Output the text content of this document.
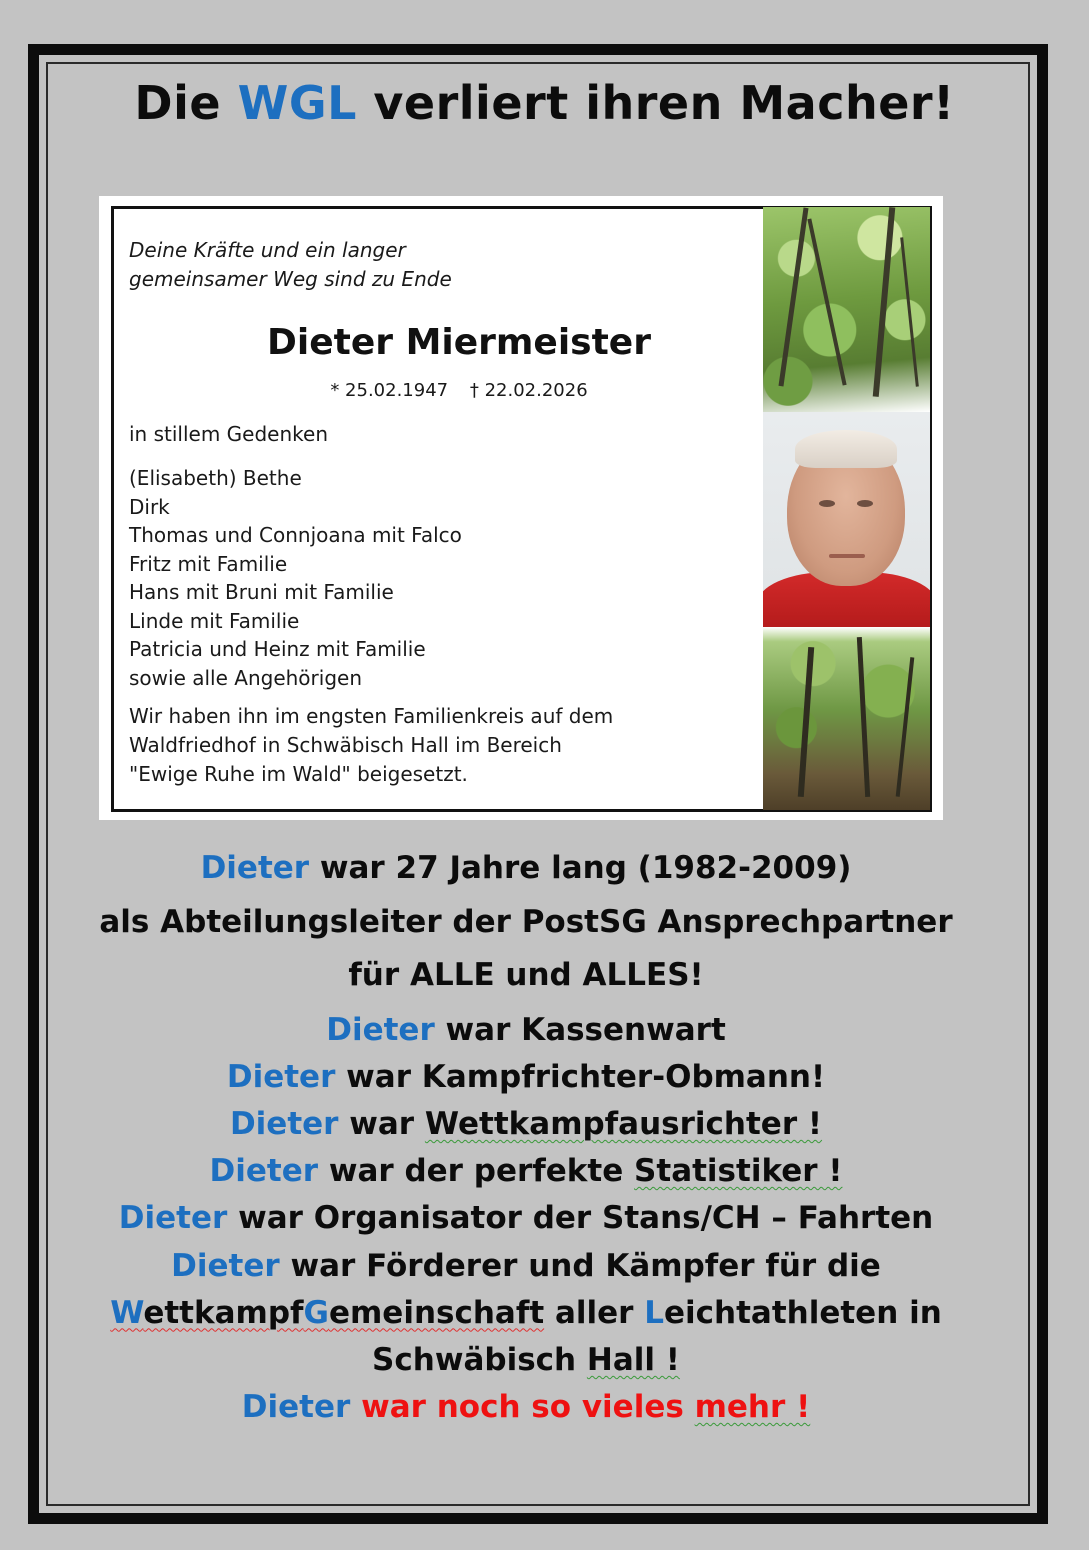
Die WGL verliert ihren Macher!
Deine Kräfte und ein langer
gemeinsamer Weg sind zu Ende
Dieter Miermeister
* 25.02.1947 † 22.02.2026
in stillem Gedenken
(Elisabeth) Bethe
Dirk
Thomas und Connjoana mit Falco
Fritz mit Familie
Hans mit Bruni mit Familie
Linde mit Familie
Patricia und Heinz mit Familie
sowie alle Angehörigen
Wir haben ihn im engsten Familienkreis auf dem
Waldfriedhof in Schwäbisch Hall im Bereich
"Ewige Ruhe im Wald" beigesetzt.
Dieter war 27 Jahre lang (1982-2009)
als Abteilungsleiter der PostSG Ansprechpartner
für ALLE und ALLES!
Dieter war Kassenwart
Dieter war Kampfrichter-Obmann!
Dieter war Wettkampfausrichter !
Dieter war der perfekte Statistiker !
Dieter war Organisator der Stans/CH – Fahrten
Dieter war Förderer und Kämpfer für die
WettkampfGemeinschaft aller Leichtathleten in
Schwäbisch Hall !
Dieter war noch so vieles mehr !
